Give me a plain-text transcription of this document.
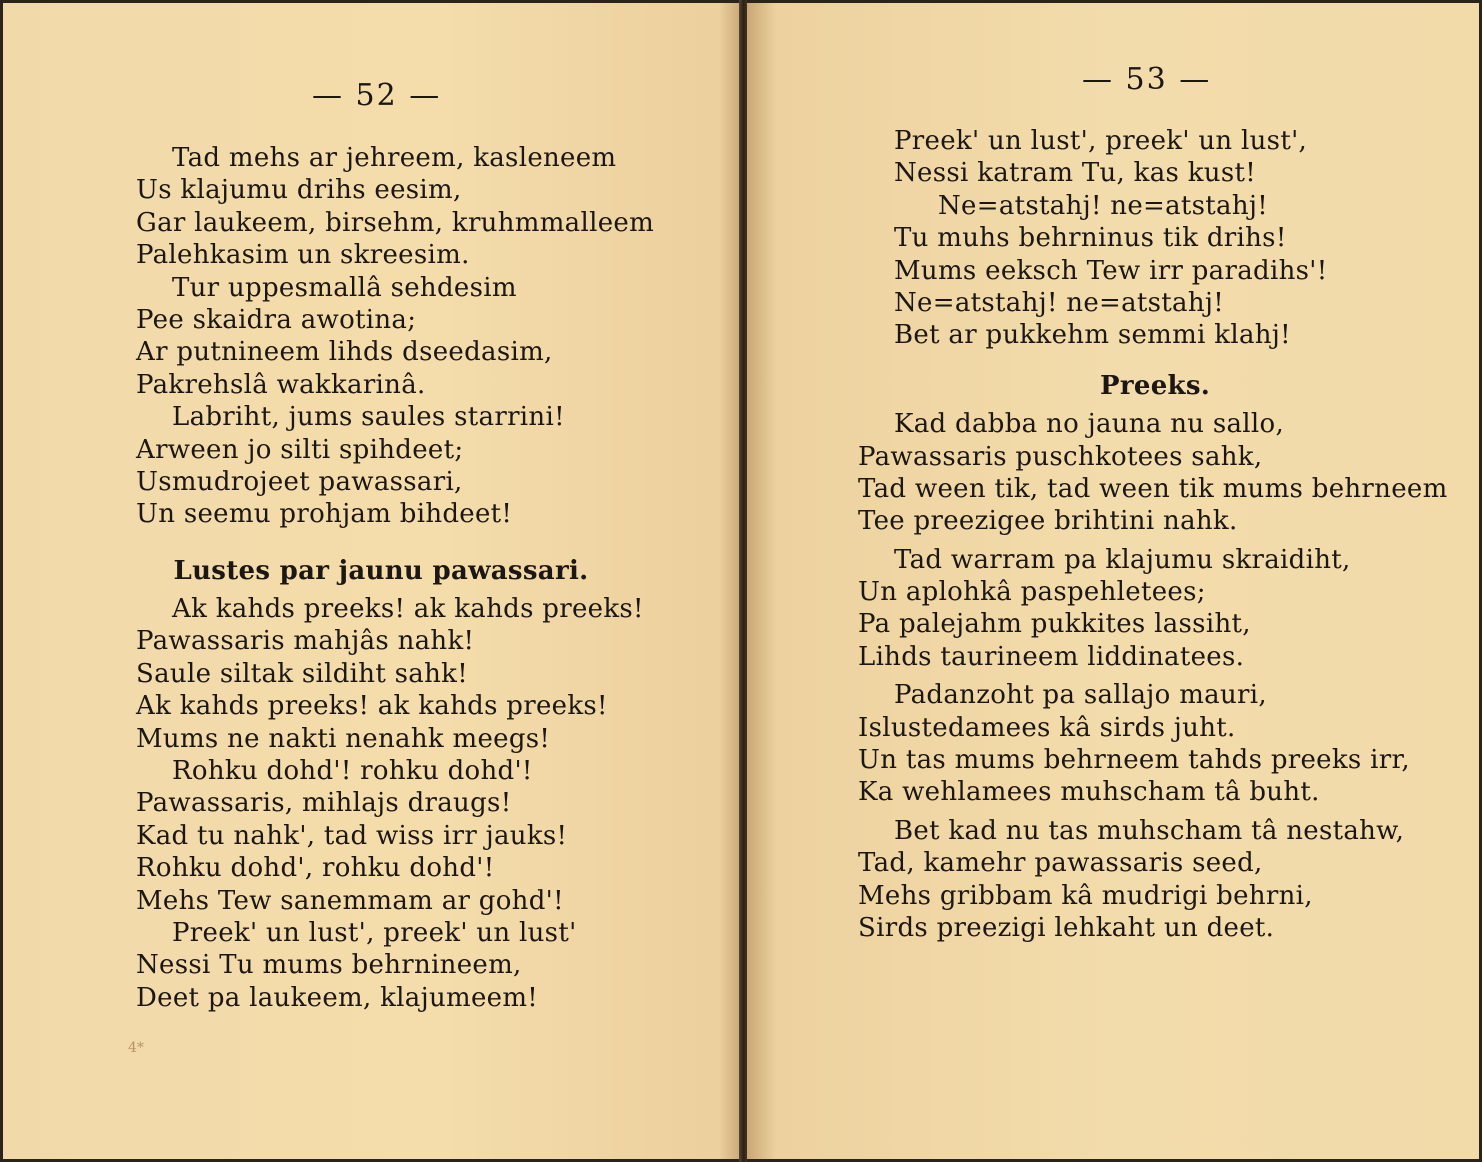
— 52 —
Tad mehs ar jehreem, kasleneem
Us klajumu drihs eesim,
Gar laukeem, birsehm, kruhmmalleem
Palehkasim un skreesim.
Tur uppesmallâ sehdesim
Pee skaidra awotina;
Ar putnineem lihds dseedasim,
Pakrehslâ wakkarinâ.
Labriht, jums saules starrini!
Arween jo silti spihdeet;
Usmudrojeet pawassari,
Un seemu prohjam bihdeet!
Lustes par jaunu pawassari.
Ak kahds preeks! ak kahds preeks!
Pawassaris mahjâs nahk!
Saule siltak sildiht sahk!
Ak kahds preeks! ak kahds preeks!
Mums ne nakti nenahk meegs!
Rohku dohd'! rohku dohd'!
Pawassaris, mihlajs draugs!
Kad tu nahk', tad wiss irr jauks!
Rohku dohd', rohku dohd'!
Mehs Tew sanemmam ar gohd'!
Preek' un lust', preek' un lust'
Nessi Tu mums behrnineem,
Deet pa laukeem, klajumeem!
4*
— 53 —
Preek' un lust', preek' un lust',
Nessi katram Tu, kas kust!
Ne=atstahj! ne=atstahj!
Tu muhs behrninus tik drihs!
Mums eeksch Tew irr paradihs'!
Ne=atstahj! ne=atstahj!
Bet ar pukkehm semmi klahj!
Preeks.
Kad dabba no jauna nu sallo,
Pawassaris puschkotees sahk,
Tad ween tik, tad ween tik mums behrneem
Tee preezigee brihtini nahk.
Tad warram pa klajumu skraidiht,
Un aplohkâ paspehletees;
Pa palejahm pukkites lassiht,
Lihds taurineem liddinatees.
Padanzoht pa sallajo mauri,
Islustedamees kâ sirds juht.
Un tas mums behrneem tahds preeks irr,
Ka wehlamees muhscham tâ buht.
Bet kad nu tas muhscham tâ nestahw,
Tad, kamehr pawassaris seed,
Mehs gribbam kâ mudrigi behrni,
Sirds preezigi lehkaht un deet.
